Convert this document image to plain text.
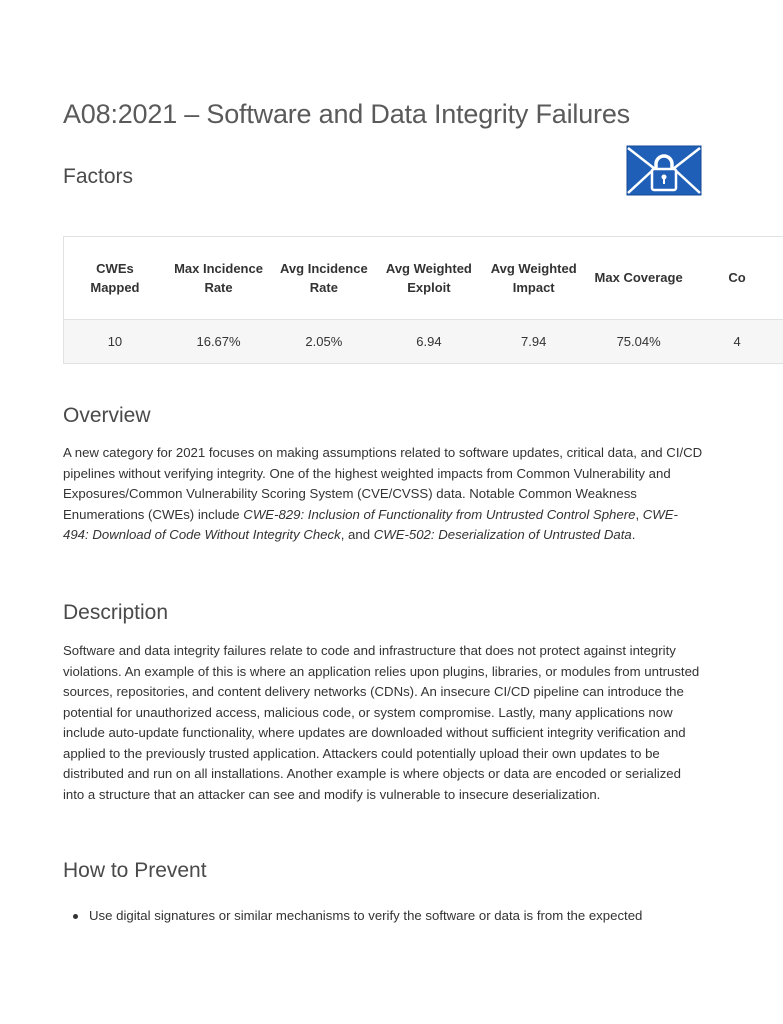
A08:2021 – Software and Data Integrity Failures
Factors
CWEs Mapped	Max Incidence Rate	Avg Incidence Rate	Avg Weighted Exploit	Avg Weighted Impact	Max Coverage	Co
10	16.67%	2.05%	6.94	7.94	75.04%	4
Overview

A new category for 2021 focuses on making assumptions related to software updates, critical data, and CI/CD pipelines without verifying integrity. One of the highest weighted impacts from Common Vulnerability and Exposures/Common Vulnerability Scoring System (CVE/CVSS) data. Notable Common Weakness Enumerations (CWEs) include CWE-829: Inclusion of Functionality from Untrusted Control Sphere, CWE-494: Download of Code Without Integrity Check, and CWE-502: Deserialization of Untrusted Data.

Description

Software and data integrity failures relate to code and infrastructure that does not protect against integrity violations. An example of this is where an application relies upon plugins, libraries, or modules from untrusted sources, repositories, and content delivery networks (CDNs). An insecure CI/CD pipeline can introduce the potential for unauthorized access, malicious code, or system compromise. Lastly, many applications now include auto-update functionality, where updates are downloaded without sufficient integrity verification and applied to the previously trusted application. Attackers could potentially upload their own updates to be distributed and run on all installations. Another example is where objects or data are encoded or serialized into a structure that an attacker can see and modify is vulnerable to insecure deserialization.

How to Prevent
Use digital signatures or similar mechanisms to verify the software or data is from the expected
